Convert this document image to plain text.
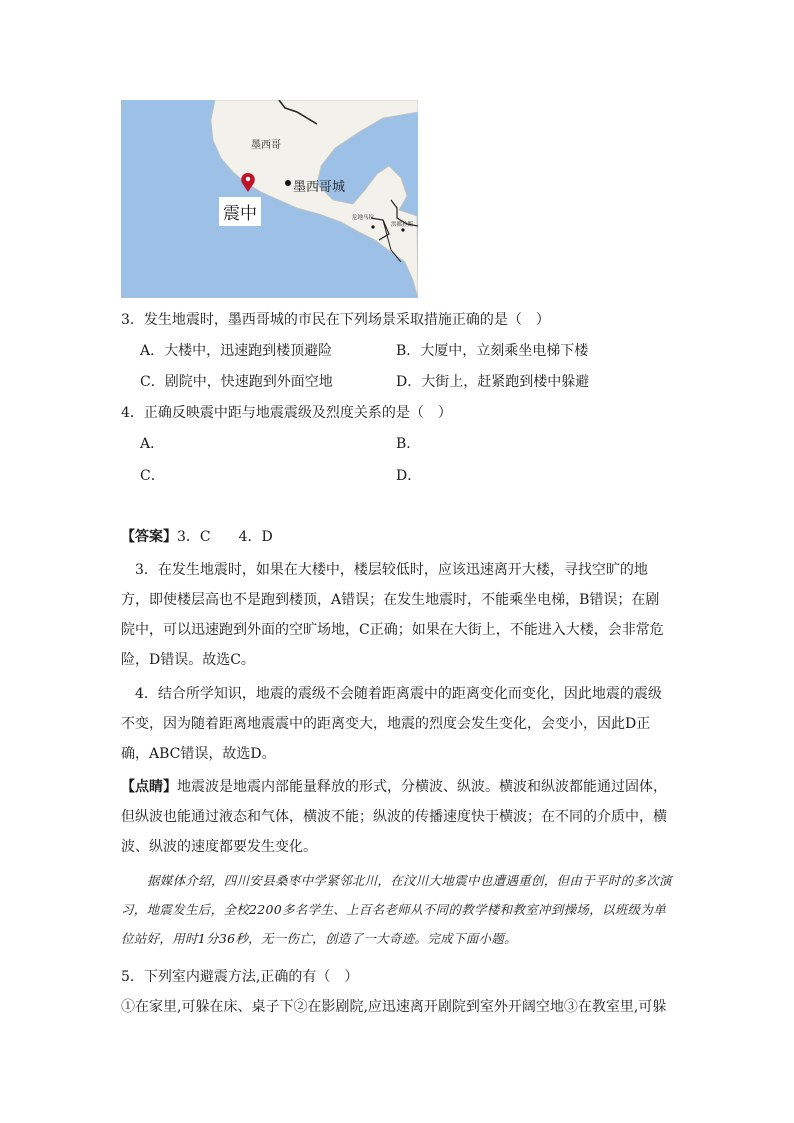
墨西哥
墨西哥城
震中	危地马拉
洪都拉斯
3．发生地震时，墨西哥城的市民在下列场景采取措施正确的是（　）
A．大楼中，迅速跑到楼顶避险	B．大厦中，立刻乘坐电梯下楼
C．剧院中，快速跑到外面空地	D．大街上，赶紧跑到楼中躲避
4．正确反映震中距与地震震级及烈度关系的是（　）
A．	B．
C．	D．
【答案】3．C　　4．D
3．在发生地震时，如果在大楼中，楼层较低时，应该迅速离开大楼，寻找空旷的地方，即使楼层高也不是跑到楼顶，A错误；在发生地震时，不能乘坐电梯，B错误；在剧院中，可以迅速跑到外面的空旷场地，C正确；如果在大街上，不能进入大楼，会非常危险，D错误。故选C。
4．结合所学知识，地震的震级不会随着距离震中的距离变化而变化，因此地震的震级不变，因为随着距离地震震中的距离变大，地震的烈度会发生变化，会变小，因此D正确，ABC错误，故选D。
【点睛】地震波是地震内部能量释放的形式，分横波、纵波。横波和纵波都能通过固体，但纵波也能通过液态和气体，横波不能；纵波的传播速度快于横波；在不同的介质中，横波、纵波的速度都要发生变化。
据媒体介绍，四川安县桑枣中学紧邻北川，在汶川大地震中也遭遇重创，但由于平时的多次演习，地震发生后，全校2200多名学生、上百名老师从不同的教学楼和教室冲到操场，以班级为单位站好，用时1分36秒，无一伤亡，创造了一大奇迹。完成下面小题。
5．下列室内避震方法,正确的有（　）
①在家里,可躲在床、桌子下②在影剧院,应迅速离开剧院到室外开阔空地③在教室里,可躲
